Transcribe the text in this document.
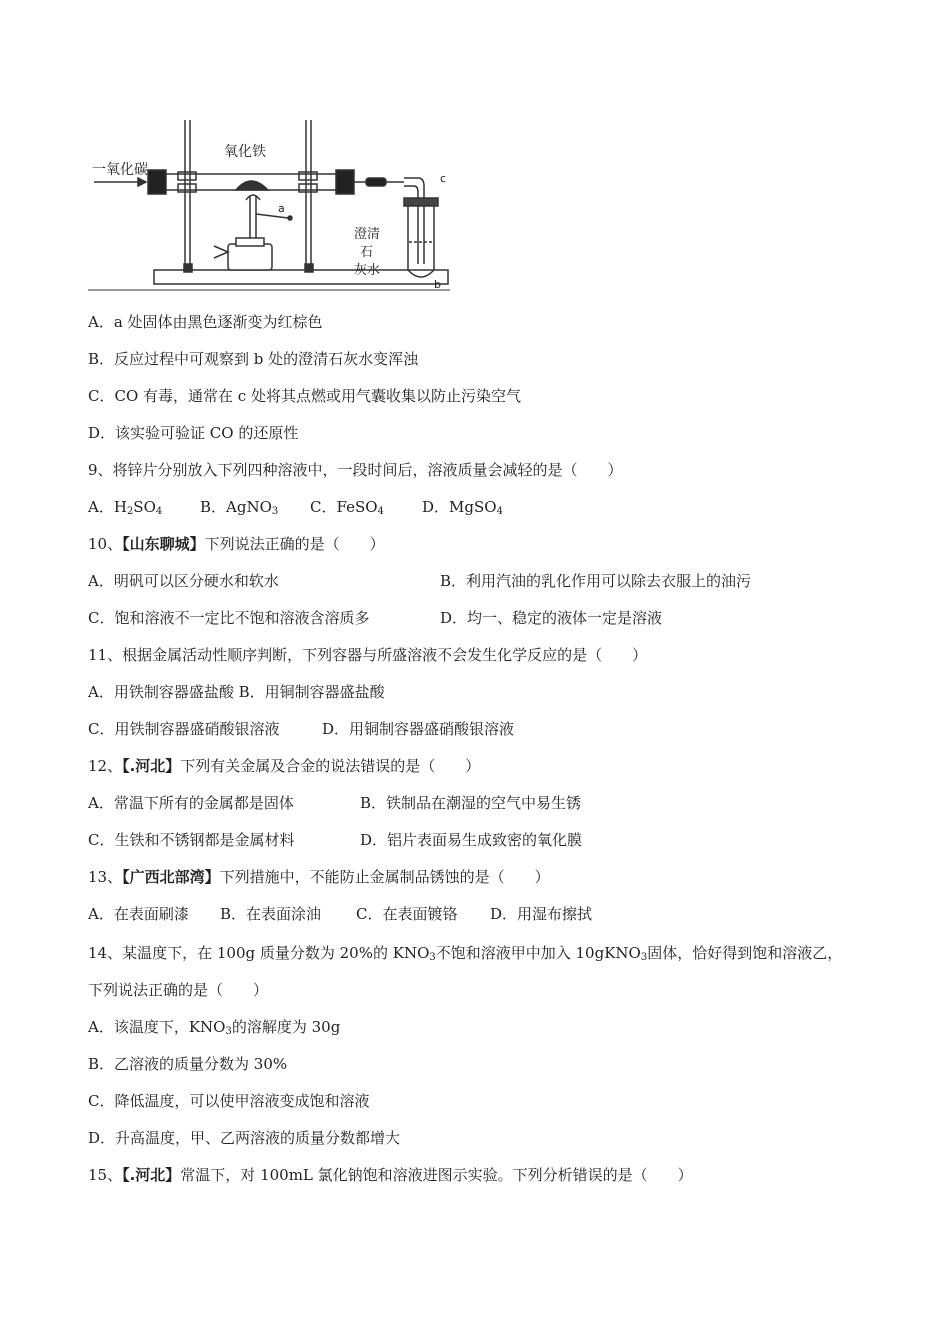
一氧化碳
氧化铁
a
c
b
澄清
石
灰水
A．a 处固体由黑色逐渐变为红棕色
B．反应过程中可观察到 b 处的澄清石灰水变浑浊
C．CO 有毒，通常在 c 处将其点燃或用气囊收集以防止污染空气
D．该实验可验证 CO 的还原性
9、将锌片分别放入下列四种溶液中，一段时间后，溶液质量会减轻的是（　　）
A．$H_2SO_4$	B．AgNO$_3$ C．FeSO$_4$	D．MgSO$_4$
10、【山东聊城】下列说法正确的是（　　）
A．明矾可以区分硬水和软水	B．利用汽油的乳化作用可以除去衣服上的油污
C．饱和溶液不一定比不饱和溶液含溶质多	D．均一、稳定的液体一定是溶液
11、根据金属活动性顺序判断，下列容器与所盛溶液不会发生化学反应的是（　　）
A．用铁制容器盛盐酸 B．用铜制容器盛盐酸
C．用铁制容器盛硝酸银溶液	D．用铜制容器盛硝酸银溶液
12、【.河北】下列有关金属及合金的说法错误的是（　　）
A．常温下所有的金属都是固体	B．铁制品在潮湿的空气中易生锈
C．生铁和不锈钢都是金属材料	D．铝片表面易生成致密的氧化膜
13、【广西北部湾】下列措施中，不能防止金属制品锈蚀的是（　　）
A．在表面刷漆 B．在表面涂油 C．在表面镀铬 D．用湿布擦拭
14、某温度下，在 100g 质量分数为 20%的 $KNO_3$不饱和溶液甲中加入 10gKNO$_3$固体，恰好得到饱和溶液乙，
下列说法正确的是（　　）
A．该温度下，$KNO_3$的溶解度为 30g
B．乙溶液的质量分数为 30%
C．降低温度，可以使甲溶液变成饱和溶液
D．升高温度，甲、乙两溶液的质量分数都增大
15、【.河北】常温下，对 100mL 氯化钠饱和溶液进图示实验。下列分析错误的是（　　）
